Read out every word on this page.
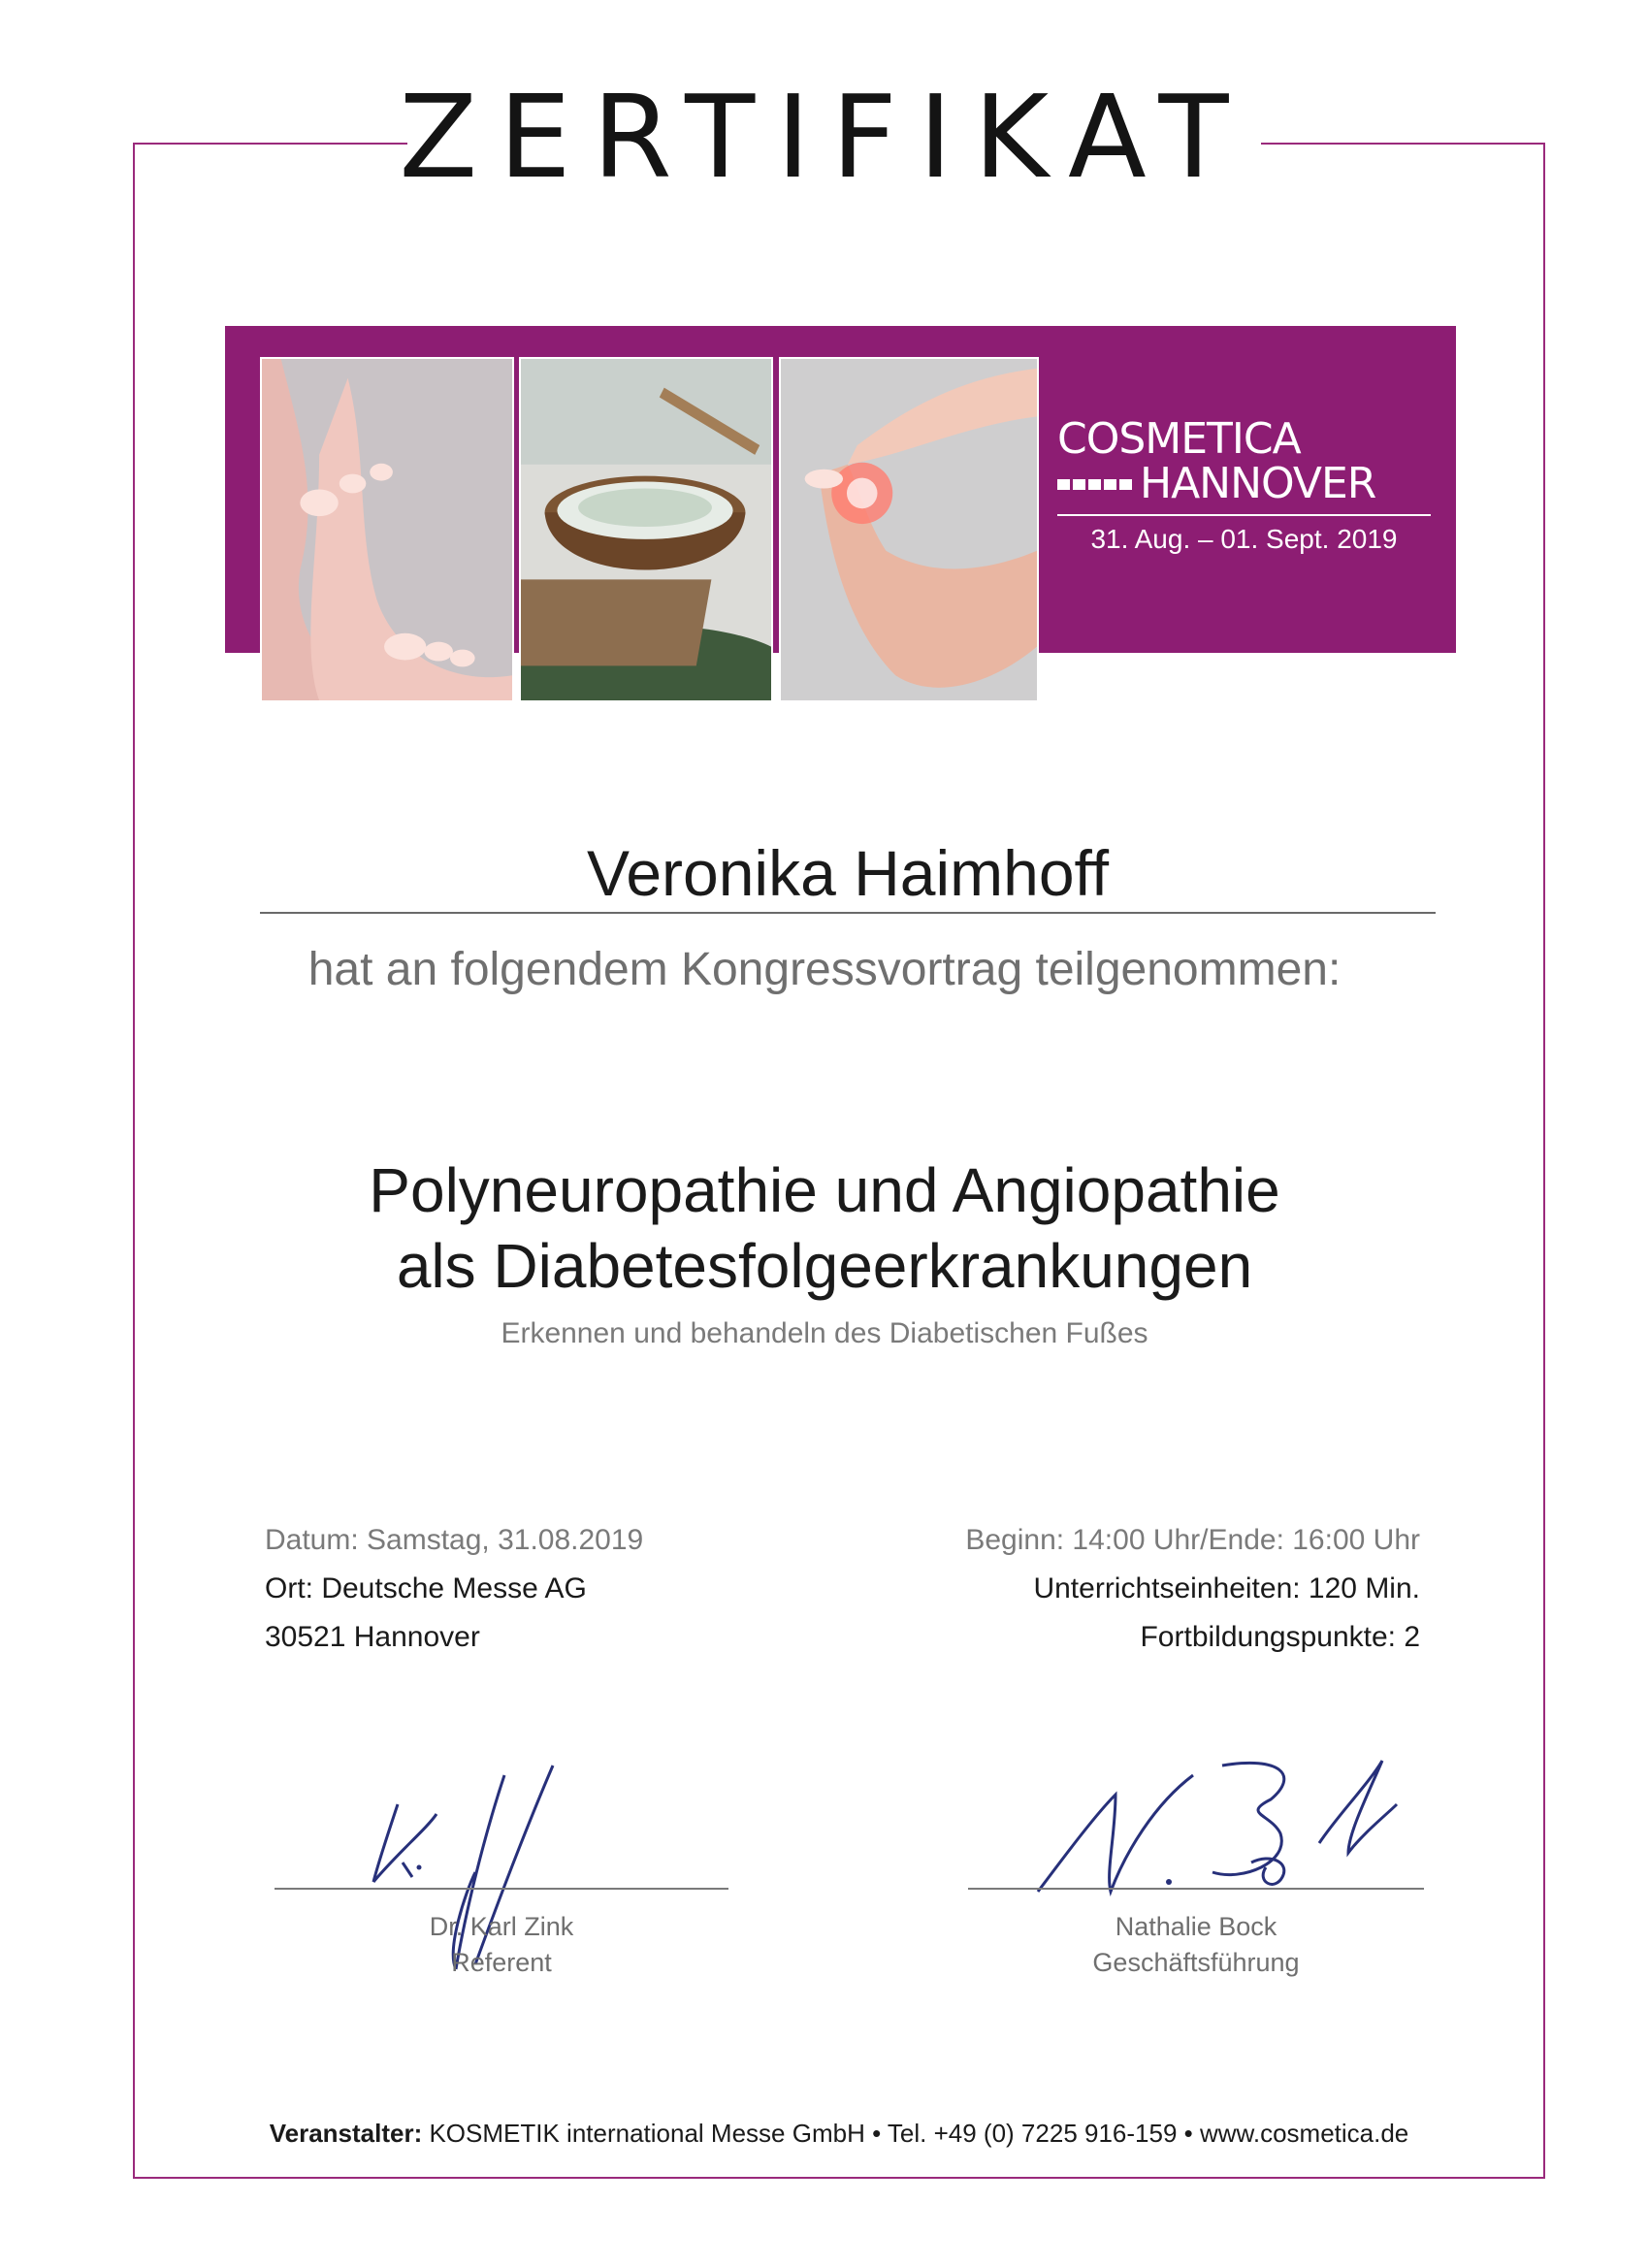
ZERTIFIKAT
COSMETICA
HANNOVER
31. Aug. – 01. Sept. 2019
Veronika Haimhoff
hat an folgendem Kongressvortrag teilgenommen:
Polyneuropathie und Angiopathie
als Diabetesfolgeerkrankungen
Erkennen und behandeln des Diabetischen Fußes
Datum: Samstag, 31.08.2019
Ort: Deutsche Messe AG
30521 Hannover
Beginn: 14:00 Uhr/Ende: 16:00 Uhr
Unterrichtseinheiten: 120 Min.
Fortbildungspunkte: 2
Dr. Karl Zink
Referent
Nathalie Bock
Geschäftsführung
Veranstalter: KOSMETIK international Messe GmbH • Tel. +49 (0) 7225 916-159 • www.cosmetica.de
